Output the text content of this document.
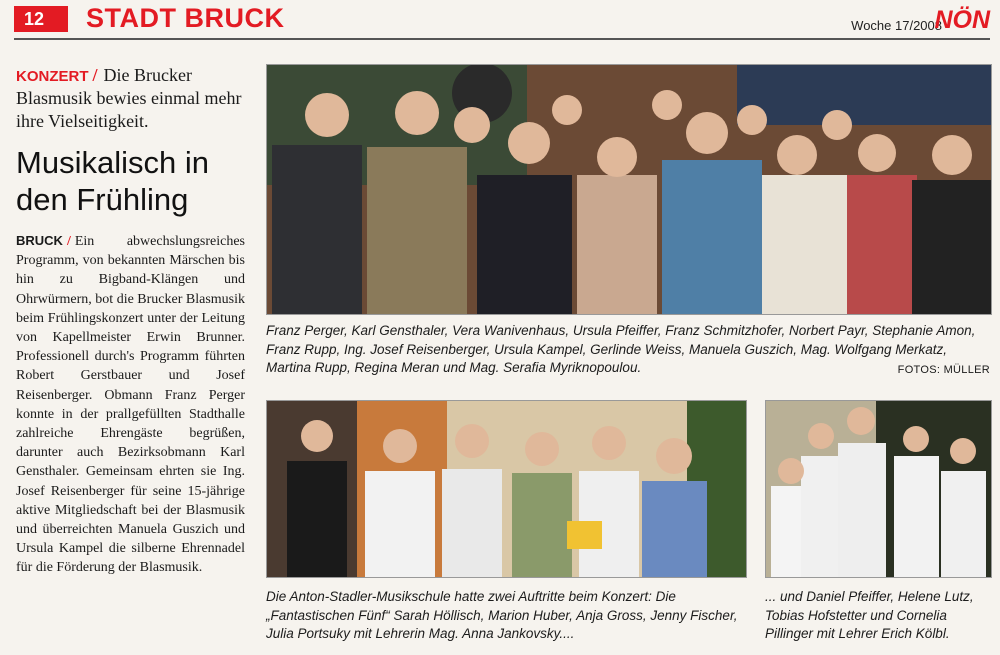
12	STADT BRUCK	Woche 17/2008
NÖN
KONZERT / Die Brucker Blasmusik bewies einmal mehr ihre Vielseitigkeit.
Musikalisch in den Frühling
BRUCK / Ein abwechslungsreiches Programm, von bekannten Märschen bis hin zu Bigband-Klängen und Ohrwürmern, bot die Brucker Blasmusik beim Frühlingskonzert unter der Leitung von Kapellmeister Erwin Brunner. Professionell durch's Programm führten Robert Gerstbauer und Josef Reisenberger. Obmann Franz Perger konnte in der prallgefüllten Stadthalle zahlreiche Ehrengäste begrüßen, darunter auch Bezirksobmann Karl Gensthaler. Gemeinsam ehrten sie Ing. Josef Reisenberger für seine 15-jährige aktive Mitgliedschaft bei der Blasmusik und überreichten Manuela Guszich und Ursula Kampel die silberne Ehrennadel für die Förderung der Blasmusik.
Franz Perger, Karl Gensthaler, Vera Wanivenhaus, Ursula Pfeiffer, Franz Schmitzhofer, Norbert Payr, Stephanie Amon, Franz Rupp, Ing. Josef Reisenberger, Ursula Kampel, Gerlinde Weiss, Manuela Guszich, Mag. Wolfgang Merkatz, Martina Rupp, Regina Meran und Mag. Serafia Myriknopoulou.	FOTOS: MÜLLER
Die Anton-Stadler-Musikschule hatte zwei Auftritte beim Konzert: Die „Fantastischen Fünf“ Sarah Höllisch, Marion Huber, Anja Gross, Jenny Fischer, Julia Portsuky mit Lehrerin Mag. Anna Jankovsky....
... und Daniel Pfeiffer, Helene Lutz, Tobias Hofstetter und Cornelia Pillinger mit Lehrer Erich Kölbl.
